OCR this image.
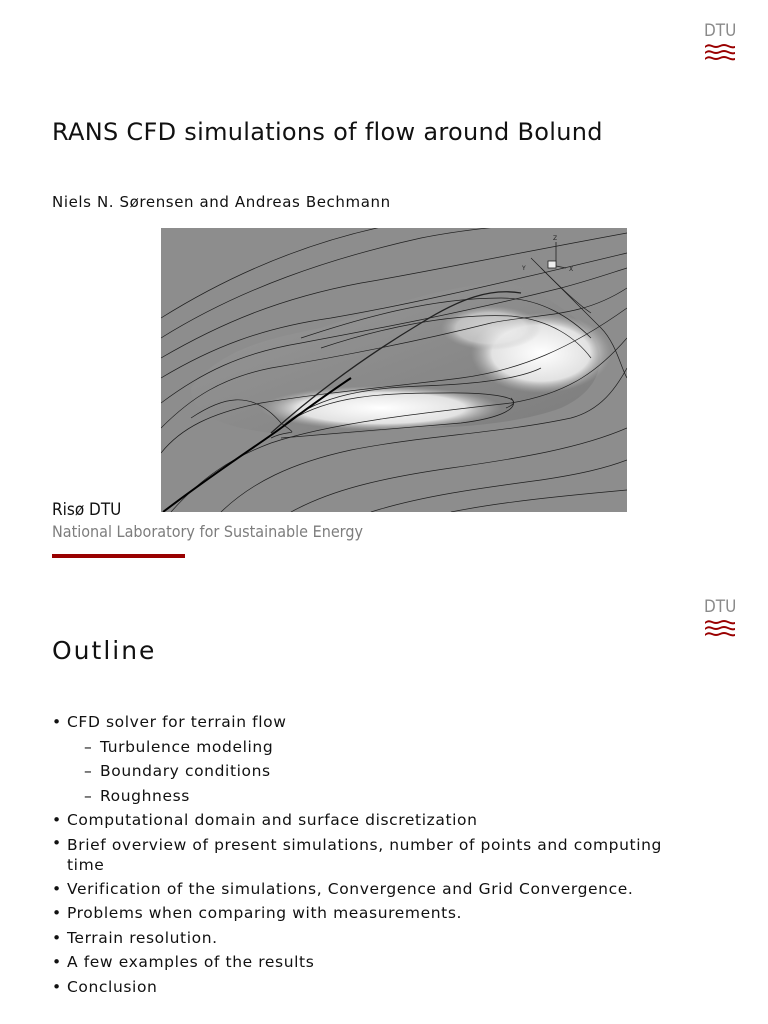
DTU
RANS CFD simulations of flow around Bolund
Niels N. Sørensen and Andreas Bechmann
Z
Y	X
Risø DTU
National Laboratory for Sustainable Energy
DTU
Outline
• CFD solver for terrain flow
– Turbulence modeling
– Boundary conditions
– Roughness
• Computational domain and surface discretization
• Brief overview of present simulations, number of points and computing time
• Verification of the simulations, Convergence and Grid Convergence.
• Problems when comparing with measurements.
• Terrain resolution.
• A few examples of the results
• Conclusion
